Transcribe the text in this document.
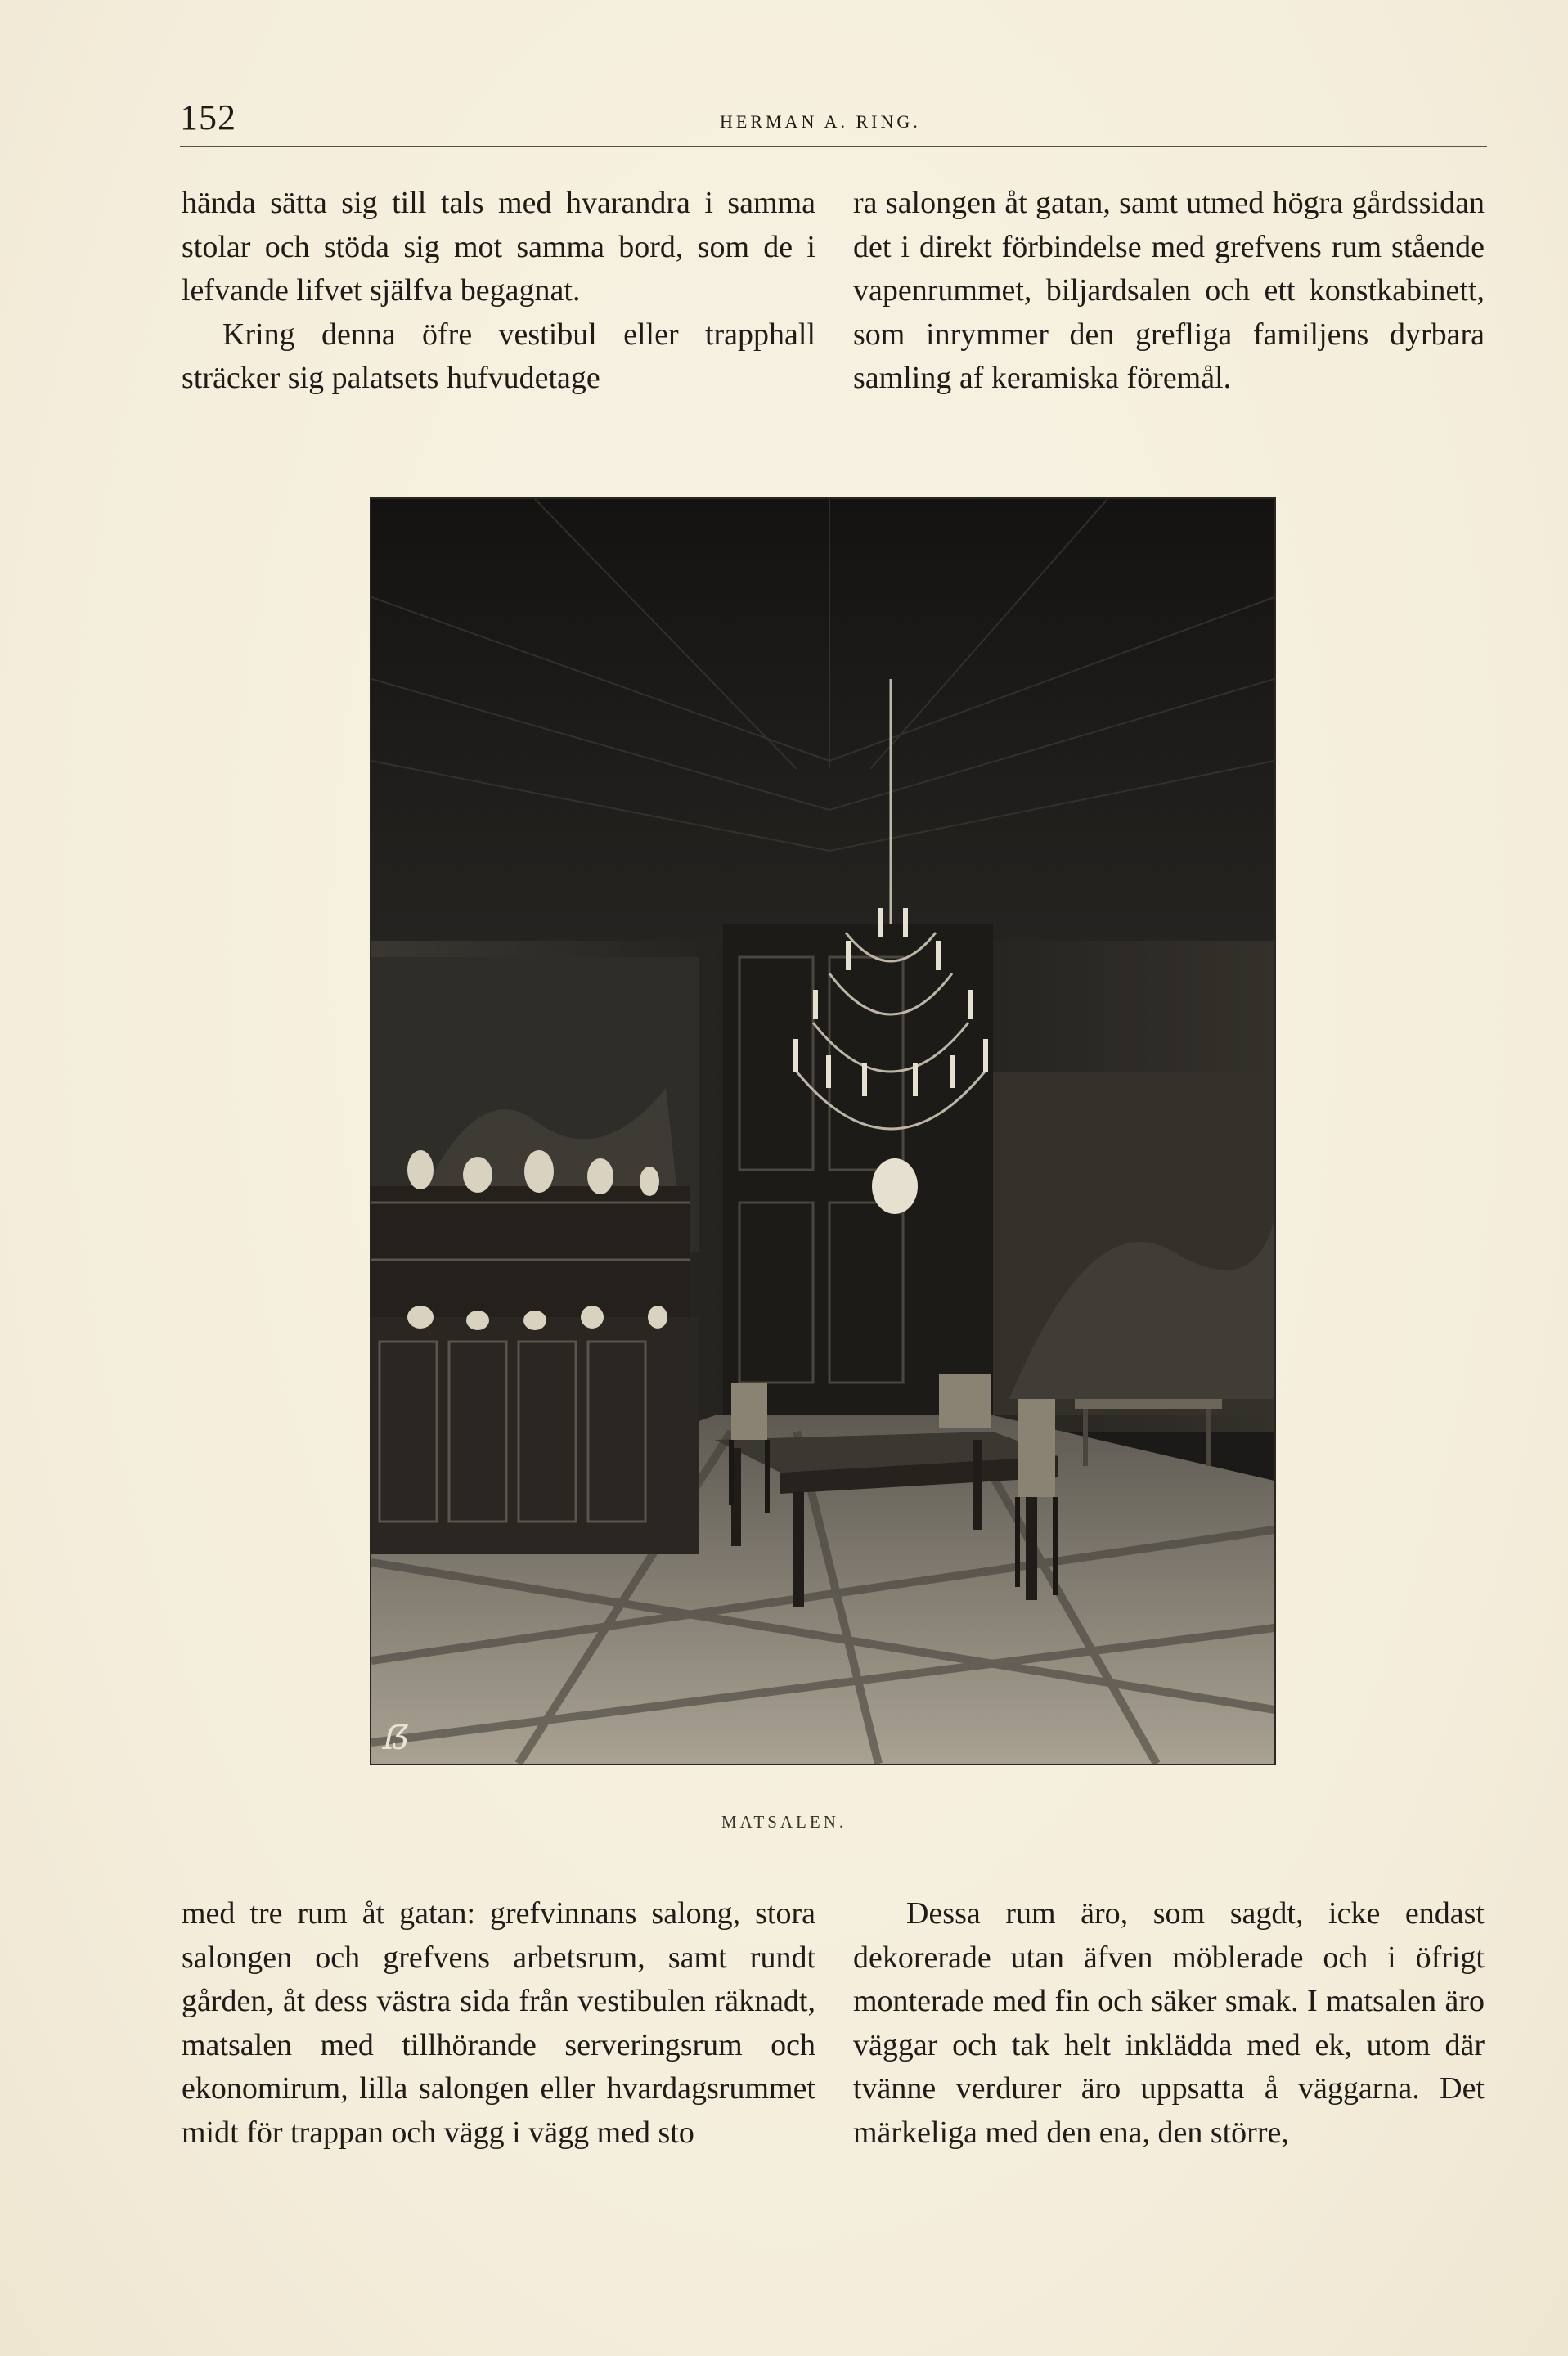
152	HERMAN A. RING.

hända sätta sig till tals med hvarandra i samma stolar och stöda sig mot samma bord, som de i lefvande lifvet själfva begagnat.

Kring denna öfre vestibul eller trapphall sträcker sig palatsets hufvudetage

ra salongen åt gatan, samt utmed högra gårdssidan det i direkt förbindelse med grefvens rum stående vapenrummet, biljardsalen och ett konstkabinett, som inrymmer den grefliga familjens dyrbara samling af keramiska föremål.

ẞ
MATSALEN.

med tre rum åt gatan: grefvinnans salong, stora salongen och grefvens arbetsrum, samt rundt gården, åt dess västra sida från vestibulen räknadt, matsalen med tillhörande serveringsrum och ekonomirum, lilla salongen eller hvardagsrummet midt för trappan och vägg i vägg med sto

Dessa rum äro, som sagdt, icke endast dekorerade utan äfven möblerade och i öfrigt monterade med fin och säker smak. I matsalen äro väggar och tak helt inklädda med ek, utom där tvänne verdurer äro uppsatta å väggarna. Det märkeliga med den ena, den större,
